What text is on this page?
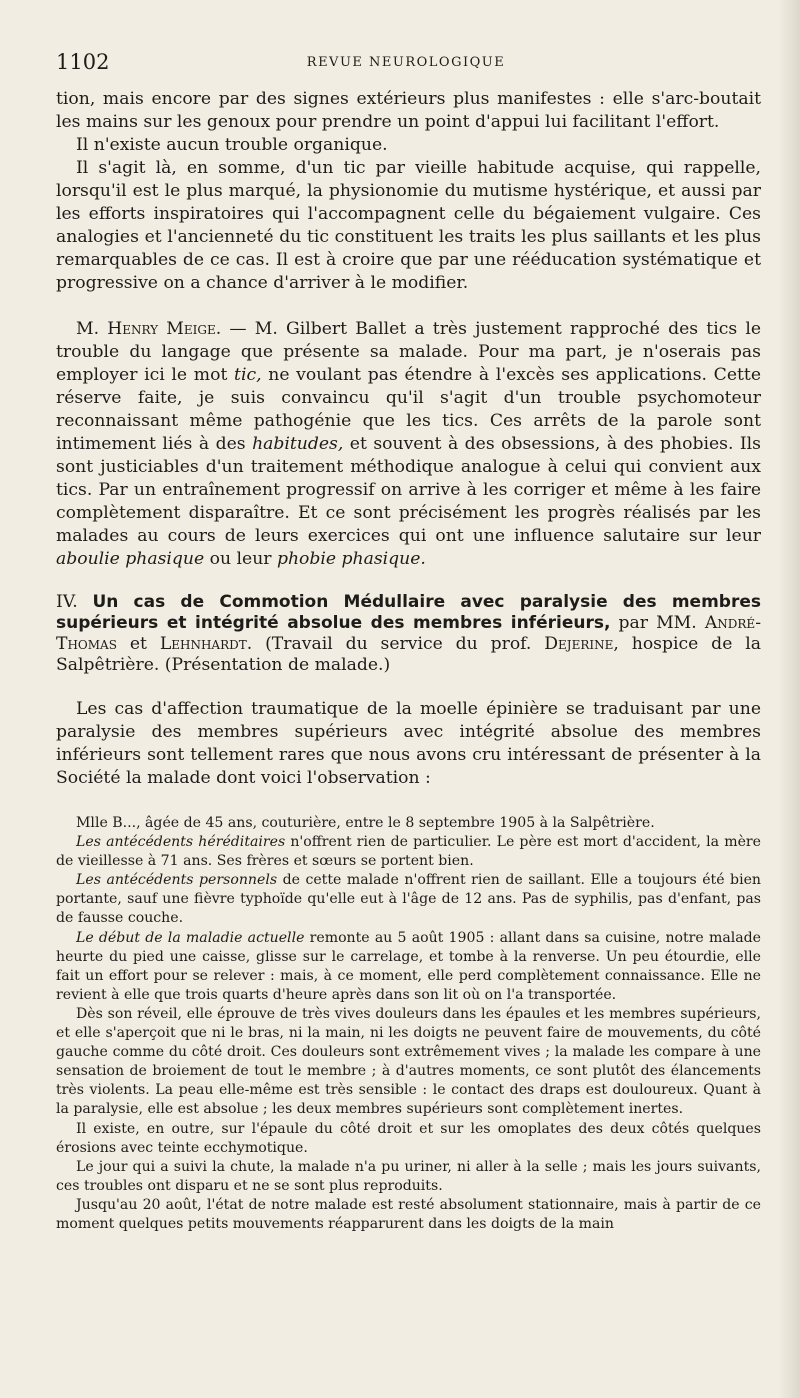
1102	REVUE NEUROLOGIQUE

tion, mais encore par des signes extérieurs plus manifestes : elle s'arc-boutait les mains sur les genoux pour prendre un point d'appui lui facilitant l'effort.

Il n'existe aucun trouble organique.

Il s'agit là, en somme, d'un tic par vieille habitude acquise, qui rappelle, lorsqu'il est le plus marqué, la physionomie du mutisme hystérique, et aussi par les efforts inspiratoires qui l'accompagnent celle du bégaiement vulgaire. Ces analogies et l'ancienneté du tic constituent les traits les plus saillants et les plus remarquables de ce cas. Il est à croire que par une rééducation systématique et progressive on a chance d'arriver à le modifier.

M. Henry Meige. — M. Gilbert Ballet a très justement rapproché des tics le trouble du langage que présente sa malade. Pour ma part, je n'oserais pas employer ici le mot tic, ne voulant pas étendre à l'excès ses applications. Cette réserve faite, je suis convaincu qu'il s'agit d'un trouble psychomoteur reconnaissant même pathogénie que les tics. Ces arrêts de la parole sont intimement liés à des habitudes, et souvent à des obsessions, à des phobies. Ils sont justiciables d'un traitement méthodique analogue à celui qui convient aux tics. Par un entraînement progressif on arrive à les corriger et même à les faire complètement disparaître. Et ce sont précisément les progrès réalisés par les malades au cours de leurs exercices qui ont une influence salutaire sur leur aboulie phasique ou leur phobie phasique.

IV. Un cas de Commotion Médullaire avec paralysie des membres supérieurs et intégrité absolue des membres inférieurs, par MM. André-Thomas et Lehnhardt. (Travail du service du prof. Dejerine, hospice de la Salpêtrière. (Présentation de malade.)

Les cas d'affection traumatique de la moelle épinière se traduisant par une paralysie des membres supérieurs avec intégrité absolue des membres inférieurs sont tellement rares que nous avons cru intéressant de présenter à la Société la malade dont voici l'observation :

Mlle B..., âgée de 45 ans, couturière, entre le 8 septembre 1905 à la Salpêtrière.

Les antécédents héréditaires n'offrent rien de particulier. Le père est mort d'accident, la mère de vieillesse à 71 ans. Ses frères et sœurs se portent bien.

Les antécédents personnels de cette malade n'offrent rien de saillant. Elle a toujours été bien portante, sauf une fièvre typhoïde qu'elle eut à l'âge de 12 ans. Pas de syphilis, pas d'enfant, pas de fausse couche.

Le début de la maladie actuelle remonte au 5 août 1905 : allant dans sa cuisine, notre malade heurte du pied une caisse, glisse sur le carrelage, et tombe à la renverse. Un peu étourdie, elle fait un effort pour se relever : mais, à ce moment, elle perd complètement connaissance. Elle ne revient à elle que trois quarts d'heure après dans son lit où on l'a transportée.

Dès son réveil, elle éprouve de très vives douleurs dans les épaules et les membres supérieurs, et elle s'aperçoit que ni le bras, ni la main, ni les doigts ne peuvent faire de mouvements, du côté gauche comme du côté droit. Ces douleurs sont extrêmement vives ; la malade les compare à une sensation de broiement de tout le membre ; à d'autres moments, ce sont plutôt des élancements très violents. La peau elle-même est très sensible : le contact des draps est douloureux. Quant à la paralysie, elle est absolue ; les deux membres supérieurs sont complètement inertes.

Il existe, en outre, sur l'épaule du côté droit et sur les omoplates des deux côtés quelques érosions avec teinte ecchymotique.

Le jour qui a suivi la chute, la malade n'a pu uriner, ni aller à la selle ; mais les jours suivants, ces troubles ont disparu et ne se sont plus reproduits.

Jusqu'au 20 août, l'état de notre malade est resté absolument stationnaire, mais à partir de ce moment quelques petits mouvements réapparurent dans les doigts de la main
